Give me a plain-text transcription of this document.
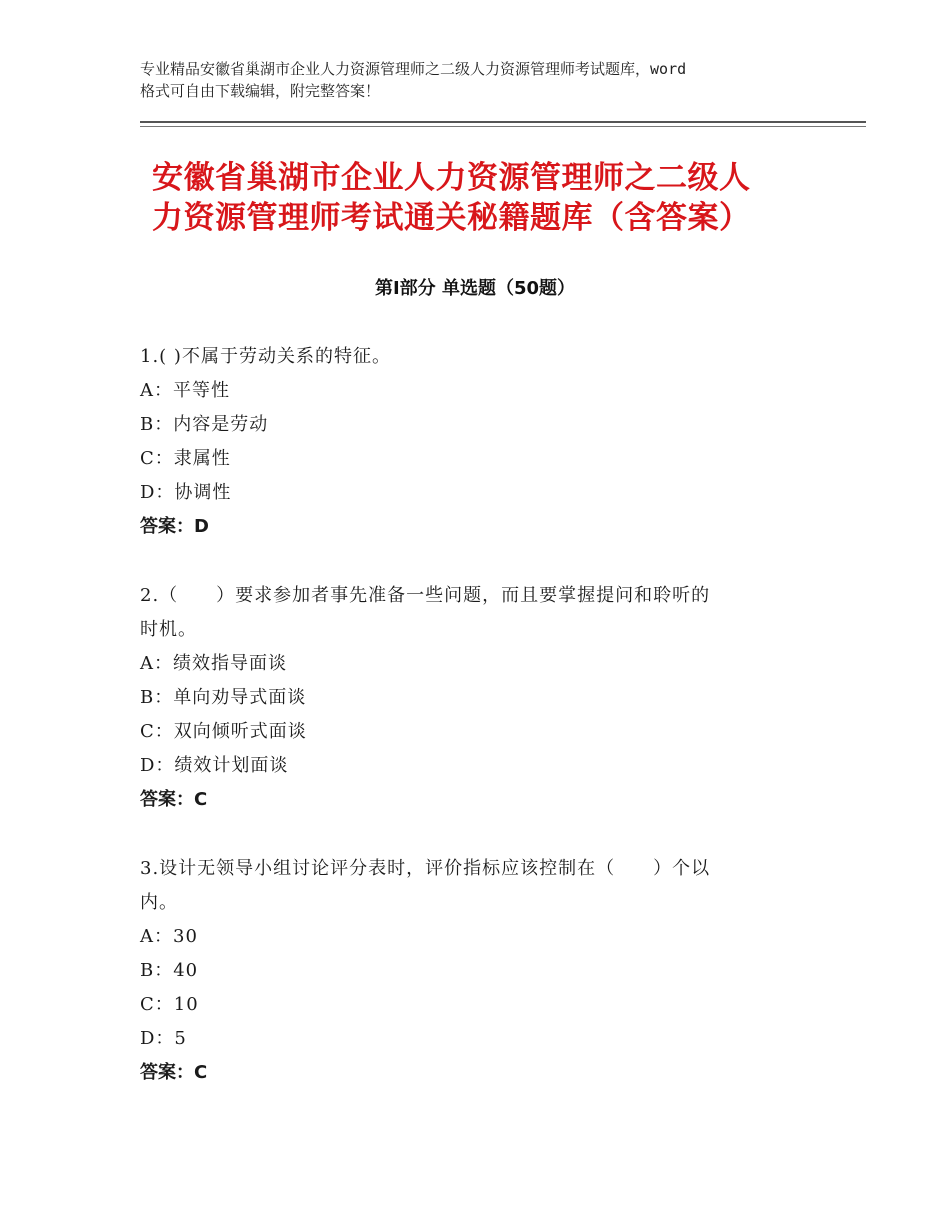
专业精品安徽省巢湖市企业人力资源管理师之二级人力资源管理师考试题库，word
格式可自由下载编辑，附完整答案！
安徽省巢湖市企业人力资源管理师之二级人
力资源管理师考试通关秘籍题库（含答案）
第Ⅰ部分 单选题（50题）

1.( )不属于劳动关系的特征。

A：平等性

B：内容是劳动

C：隶属性

D：协调性

答案：D

2.（　　）要求参加者事先准备一些问题，而且要掌握提问和聆听的

时机。

A：绩效指导面谈

B：单向劝导式面谈

C：双向倾听式面谈

D：绩效计划面谈

答案：C

3.设计无领导小组讨论评分表时，评价指标应该控制在（　　）个以

内。

A：30

B：40

C：10

D：5

答案：C
